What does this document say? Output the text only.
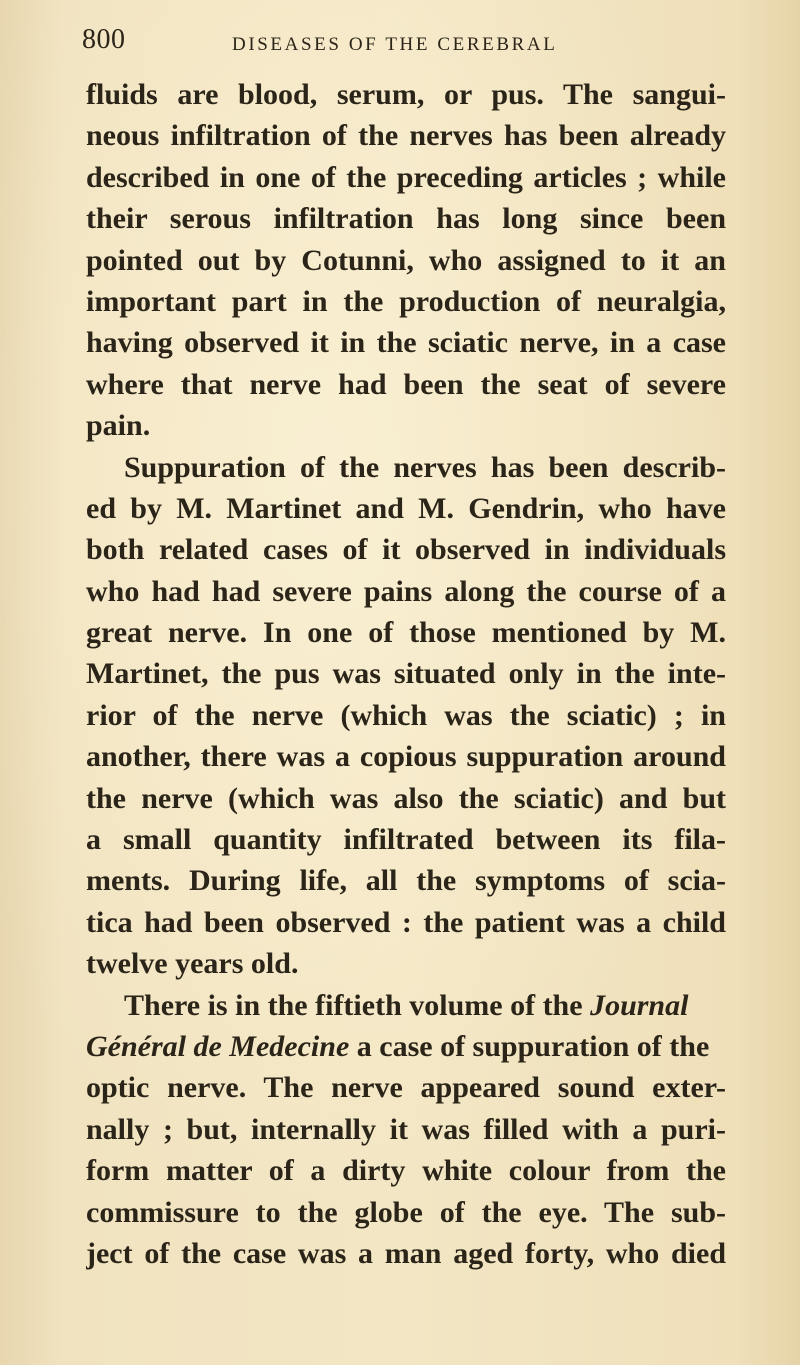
800	DISEASES OF THE CEREBRAL
fluids are blood, serum, or pus. The sangui-
neous infiltration of the nerves has been already
described in one of the preceding articles ; while
their serous infiltration has long since been
pointed out by Cotunni, who assigned to it an
important part in the production of neuralgia,
having observed it in the sciatic nerve, in a case
where that nerve had been the seat of severe
pain.
Suppuration of the nerves has been describ-
ed by M. Martinet and M. Gendrin, who have
both related cases of it observed in individuals
who had had severe pains along the course of a
great nerve. In one of those mentioned by M.
Martinet, the pus was situated only in the inte-
rior of the nerve (which was the sciatic) ; in
another, there was a copious suppuration around
the nerve (which was also the sciatic) and but
a small quantity infiltrated between its fila-
ments. During life, all the symptoms of scia-
tica had been observed : the patient was a child
twelve years old.
There is in the fiftieth volume of the Journal
Général de Medecine a case of suppuration of the
optic nerve. The nerve appeared sound exter-
nally ; but, internally it was filled with a puri-
form matter of a dirty white colour from the
commissure to the globe of the eye. The sub-
ject of the case was a man aged forty, who died
